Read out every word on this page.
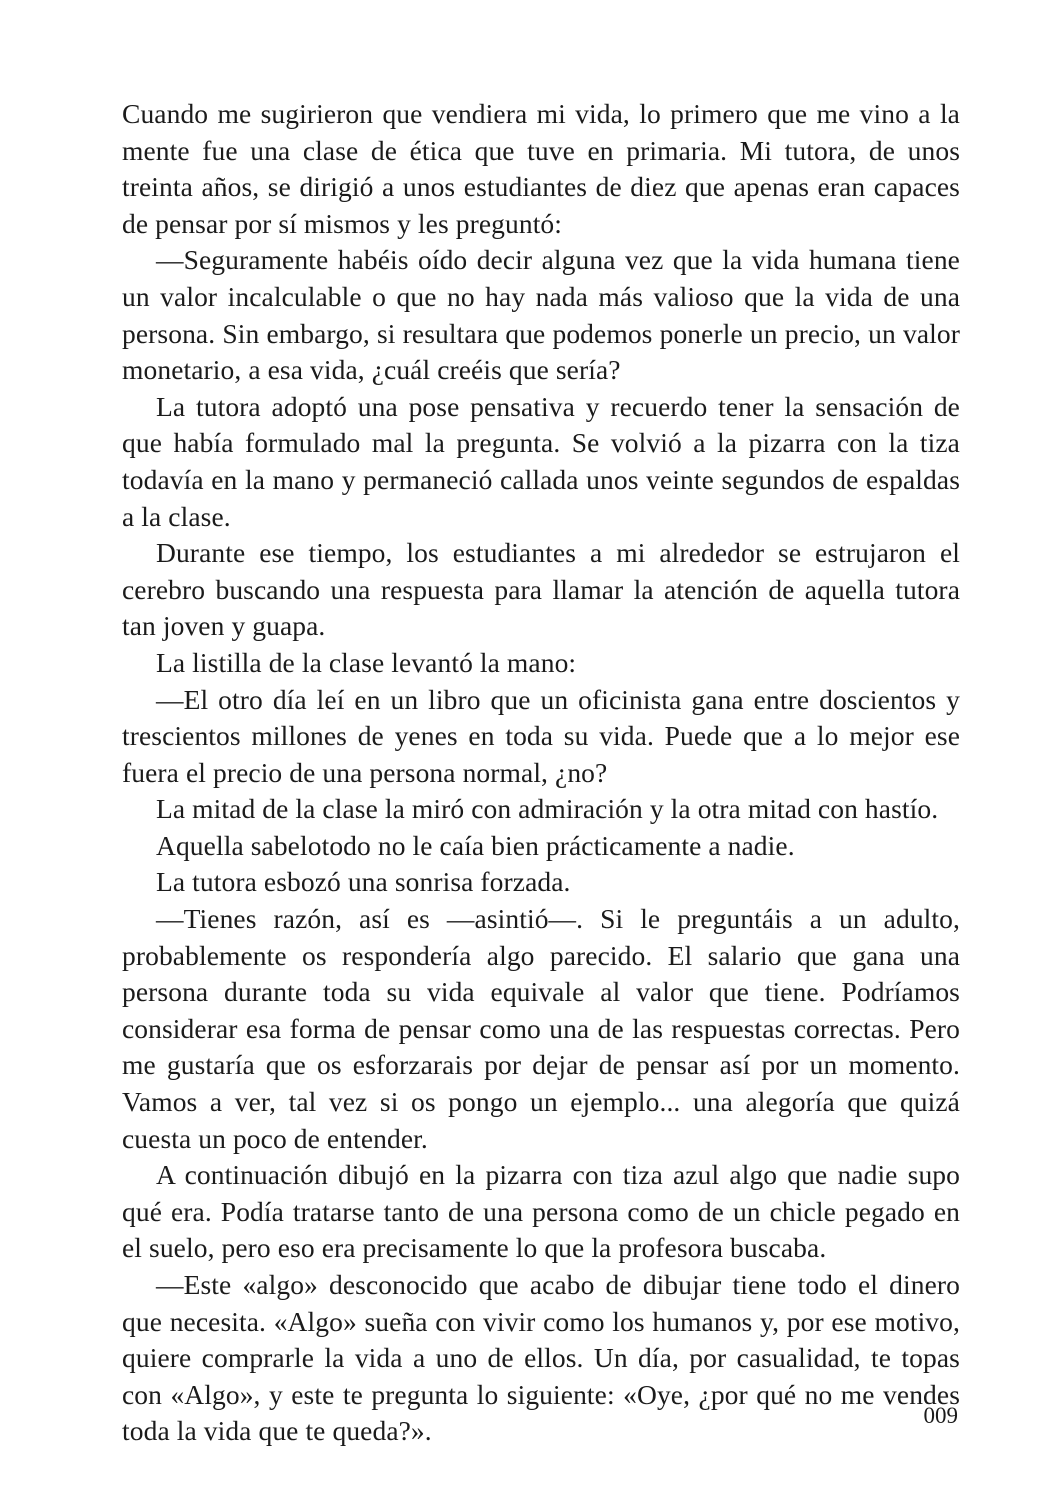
Cuando me sugirieron que vendiera mi vida, lo primero que me vino a la mente fue una clase de ética que tuve en primaria. Mi tutora, de unos treinta años, se dirigió a unos estudiantes de diez que apenas eran capaces de pensar por sí mismos y les preguntó:

—Seguramente habéis oído decir alguna vez que la vida humana tiene un valor incalculable o que no hay nada más valioso que la vida de una persona. Sin embargo, si resultara que podemos ponerle un precio, un valor monetario, a esa vida, ¿cuál creéis que sería?

La tutora adoptó una pose pensativa y recuerdo tener la sensación de que había formulado mal la pregunta. Se volvió a la pizarra con la tiza todavía en la mano y permaneció callada unos veinte segundos de espaldas a la clase.

Durante ese tiempo, los estudiantes a mi alrededor se estrujaron el cerebro buscando una respuesta para llamar la atención de aquella tutora tan joven y guapa.

La listilla de la clase levantó la mano:

—El otro día leí en un libro que un oficinista gana entre doscientos y trescientos millones de yenes en toda su vida. Puede que a lo mejor ese fuera el precio de una persona normal, ¿no?

La mitad de la clase la miró con admiración y la otra mitad con hastío.

Aquella sabelotodo no le caía bien prácticamente a nadie.

La tutora esbozó una sonrisa forzada.

—Tienes razón, así es —asintió—. Si le preguntáis a un adulto, probablemente os respondería algo parecido. El salario que gana una persona durante toda su vida equivale al valor que tiene. Podríamos considerar esa forma de pensar como una de las respuestas correctas. Pero me gustaría que os esforzarais por dejar de pensar así por un momento. Vamos a ver, tal vez si os pongo un ejemplo... una alegoría que quizá cuesta un poco de entender.

A continuación dibujó en la pizarra con tiza azul algo que nadie supo qué era. Podía tratarse tanto de una persona como de un chicle pegado en el suelo, pero eso era precisamente lo que la profesora buscaba.

—Este «algo» desconocido que acabo de dibujar tiene todo el dinero que necesita. «Algo» sueña con vivir como los humanos y, por ese motivo, quiere comprarle la vida a uno de ellos. Un día, por casualidad, te topas con «Algo», y este te pregunta lo siguiente: «Oye, ¿por qué no me vendes toda la vida que te queda?».	009
